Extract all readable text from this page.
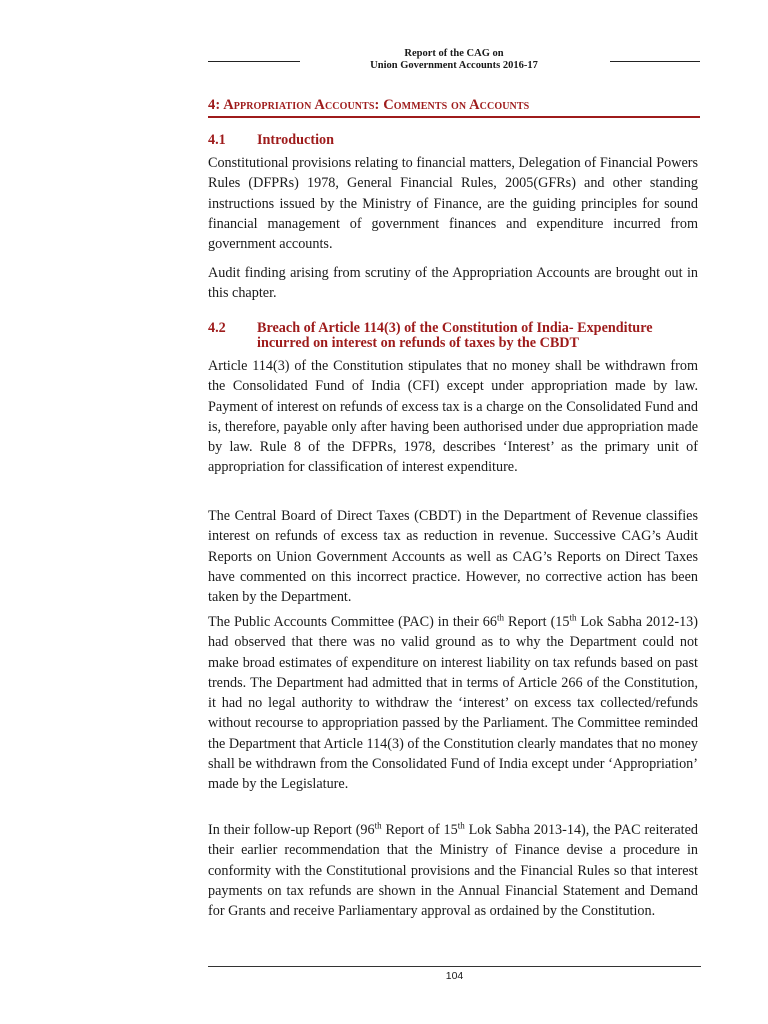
Report of the CAG on
Union Government Accounts 2016-17
4: Appropriation Accounts: Comments on Accounts
4.1 Introduction

Constitutional provisions relating to financial matters, Delegation of Financial Powers Rules (DFPRs) 1978, General Financial Rules, 2005(GFRs) and other standing instructions issued by the Ministry of Finance, are the guiding principles for sound financial management of government finances and expenditure incurred from government accounts.

Audit finding arising from scrutiny of the Appropriation Accounts are brought out in this chapter.

4.2 Breach of Article 114(3) of the Constitution of India- Expenditure incurred on interest on refunds of taxes by the CBDT

Article 114(3) of the Constitution stipulates that no money shall be withdrawn from the Consolidated Fund of India (CFI) except under appropriation made by law. Payment of interest on refunds of excess tax is a charge on the Consolidated Fund and is, therefore, payable only after having been authorised under due appropriation made by law. Rule 8 of the DFPRs, 1978, describes ‘Interest’ as the primary unit of appropriation for classification of interest expenditure.

The Central Board of Direct Taxes (CBDT) in the Department of Revenue classifies interest on refunds of excess tax as reduction in revenue. Successive CAG’s Audit Reports on Union Government Accounts as well as CAG’s Reports on Direct Taxes have commented on this incorrect practice. However, no corrective action has been taken by the Department.

The Public Accounts Committee (PAC) in their 66th Report (15th Lok Sabha 2012-13) had observed that there was no valid ground as to why the Department could not make broad estimates of expenditure on interest liability on tax refunds based on past trends. The Department had admitted that in terms of Article 266 of the Constitution, it had no legal authority to withdraw the ‘interest’ on excess tax collected/refunds without recourse to appropriation passed by the Parliament. The Committee reminded the Department that Article 114(3) of the Constitution clearly mandates that no money shall be withdrawn from the Consolidated Fund of India except under ‘Appropriation’ made by the Legislature.

In their follow-up Report (96th Report of 15th Lok Sabha 2013-14), the PAC reiterated their earlier recommendation that the Ministry of Finance devise a procedure in conformity with the Constitutional provisions and the Financial Rules so that interest payments on tax refunds are shown in the Annual Financial Statement and Demand for Grants and receive Parliamentary approval as ordained by the Constitution.

104
